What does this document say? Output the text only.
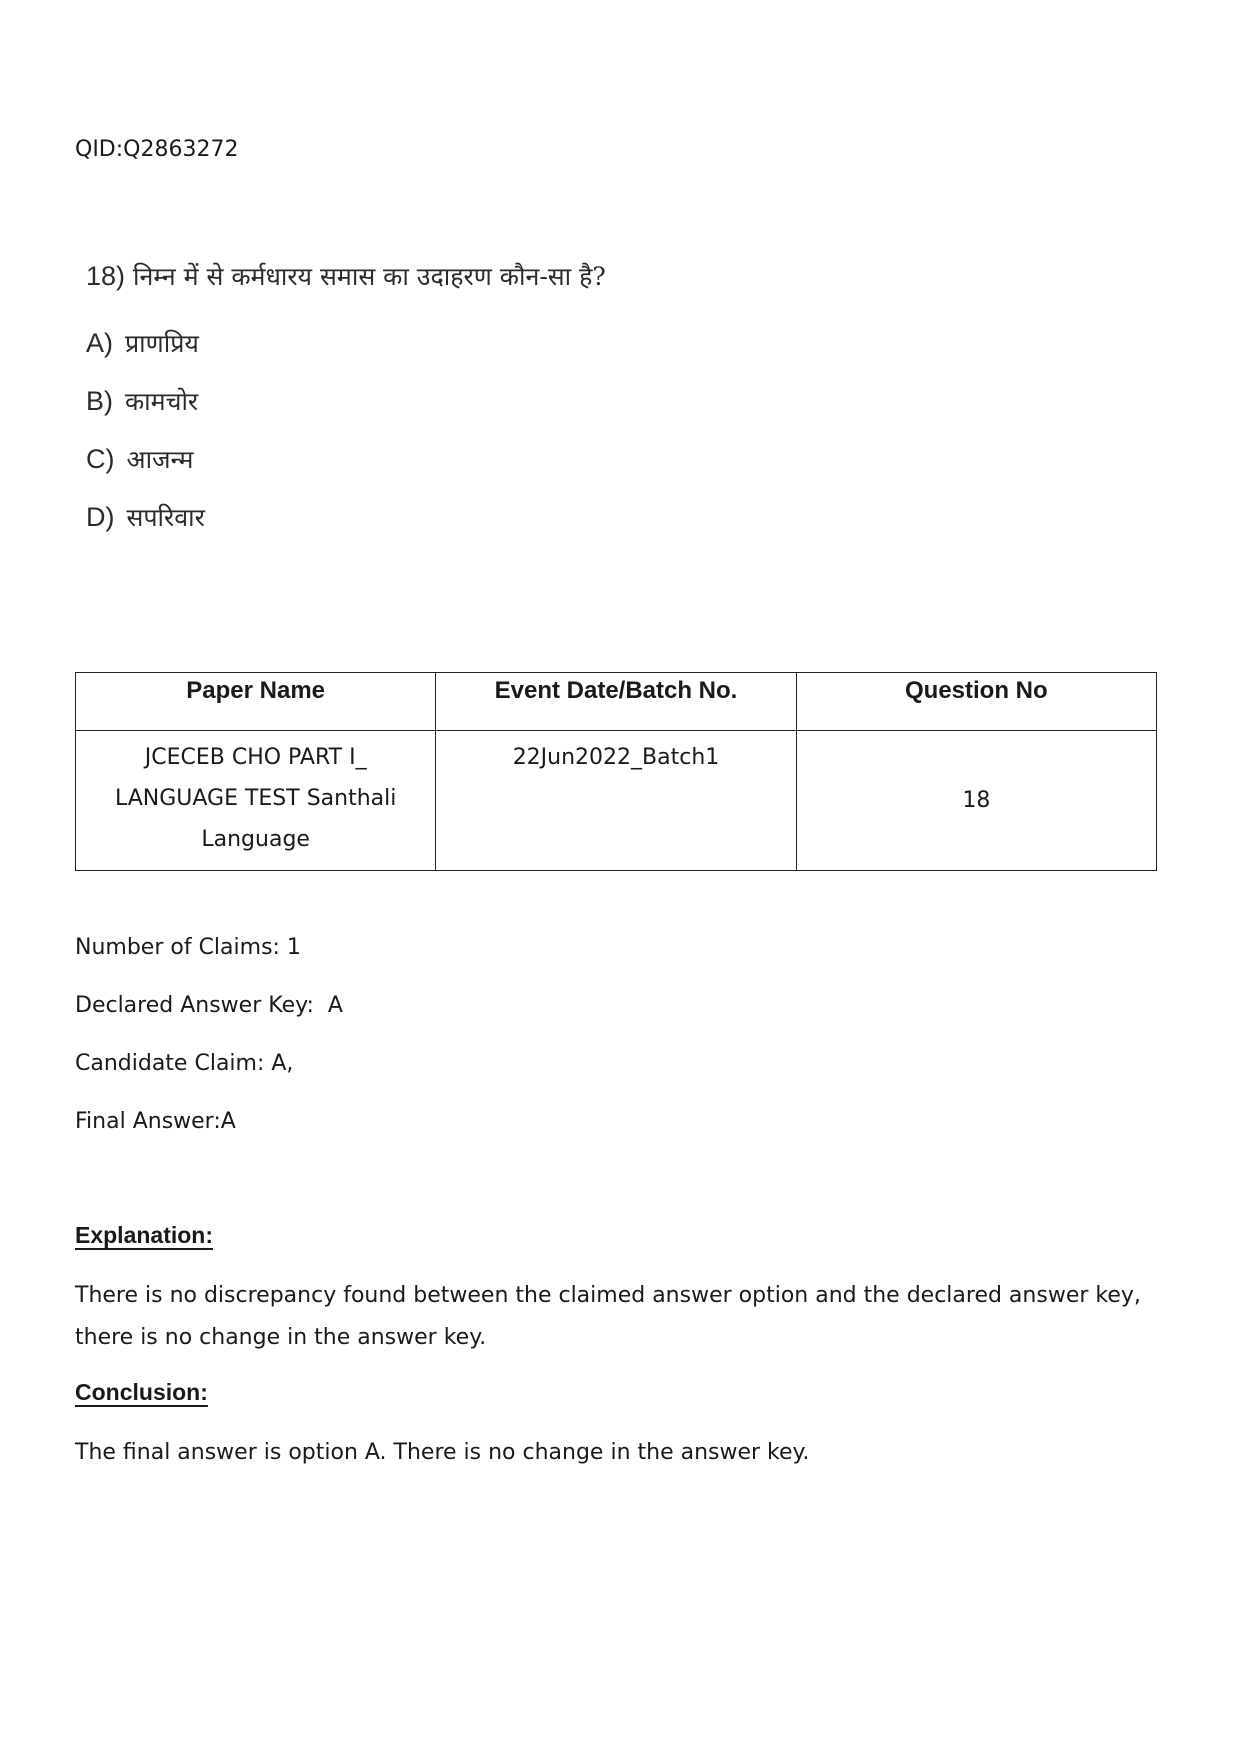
QID:Q2863272
18) निम्न में से कर्मधारय समास का उदाहरण कौन-सा है?
A) प्राणप्रिय
B) कामचोर
C) आजन्म
D) सपरिवार
Paper Name	Event Date/Batch No.	Question No
JCECEB CHO PART I_ LANGUAGE TEST Santhali Language	22Jun2022_Batch1	18
Number of Claims: 1
Declared Answer Key:  A
Candidate Claim: A,
Final Answer:A
Explanation:
There is no discrepancy found between the claimed answer option and the declared answer key, there is no change in the answer key.
Conclusion:
The final answer is option A. There is no change in the answer key.
